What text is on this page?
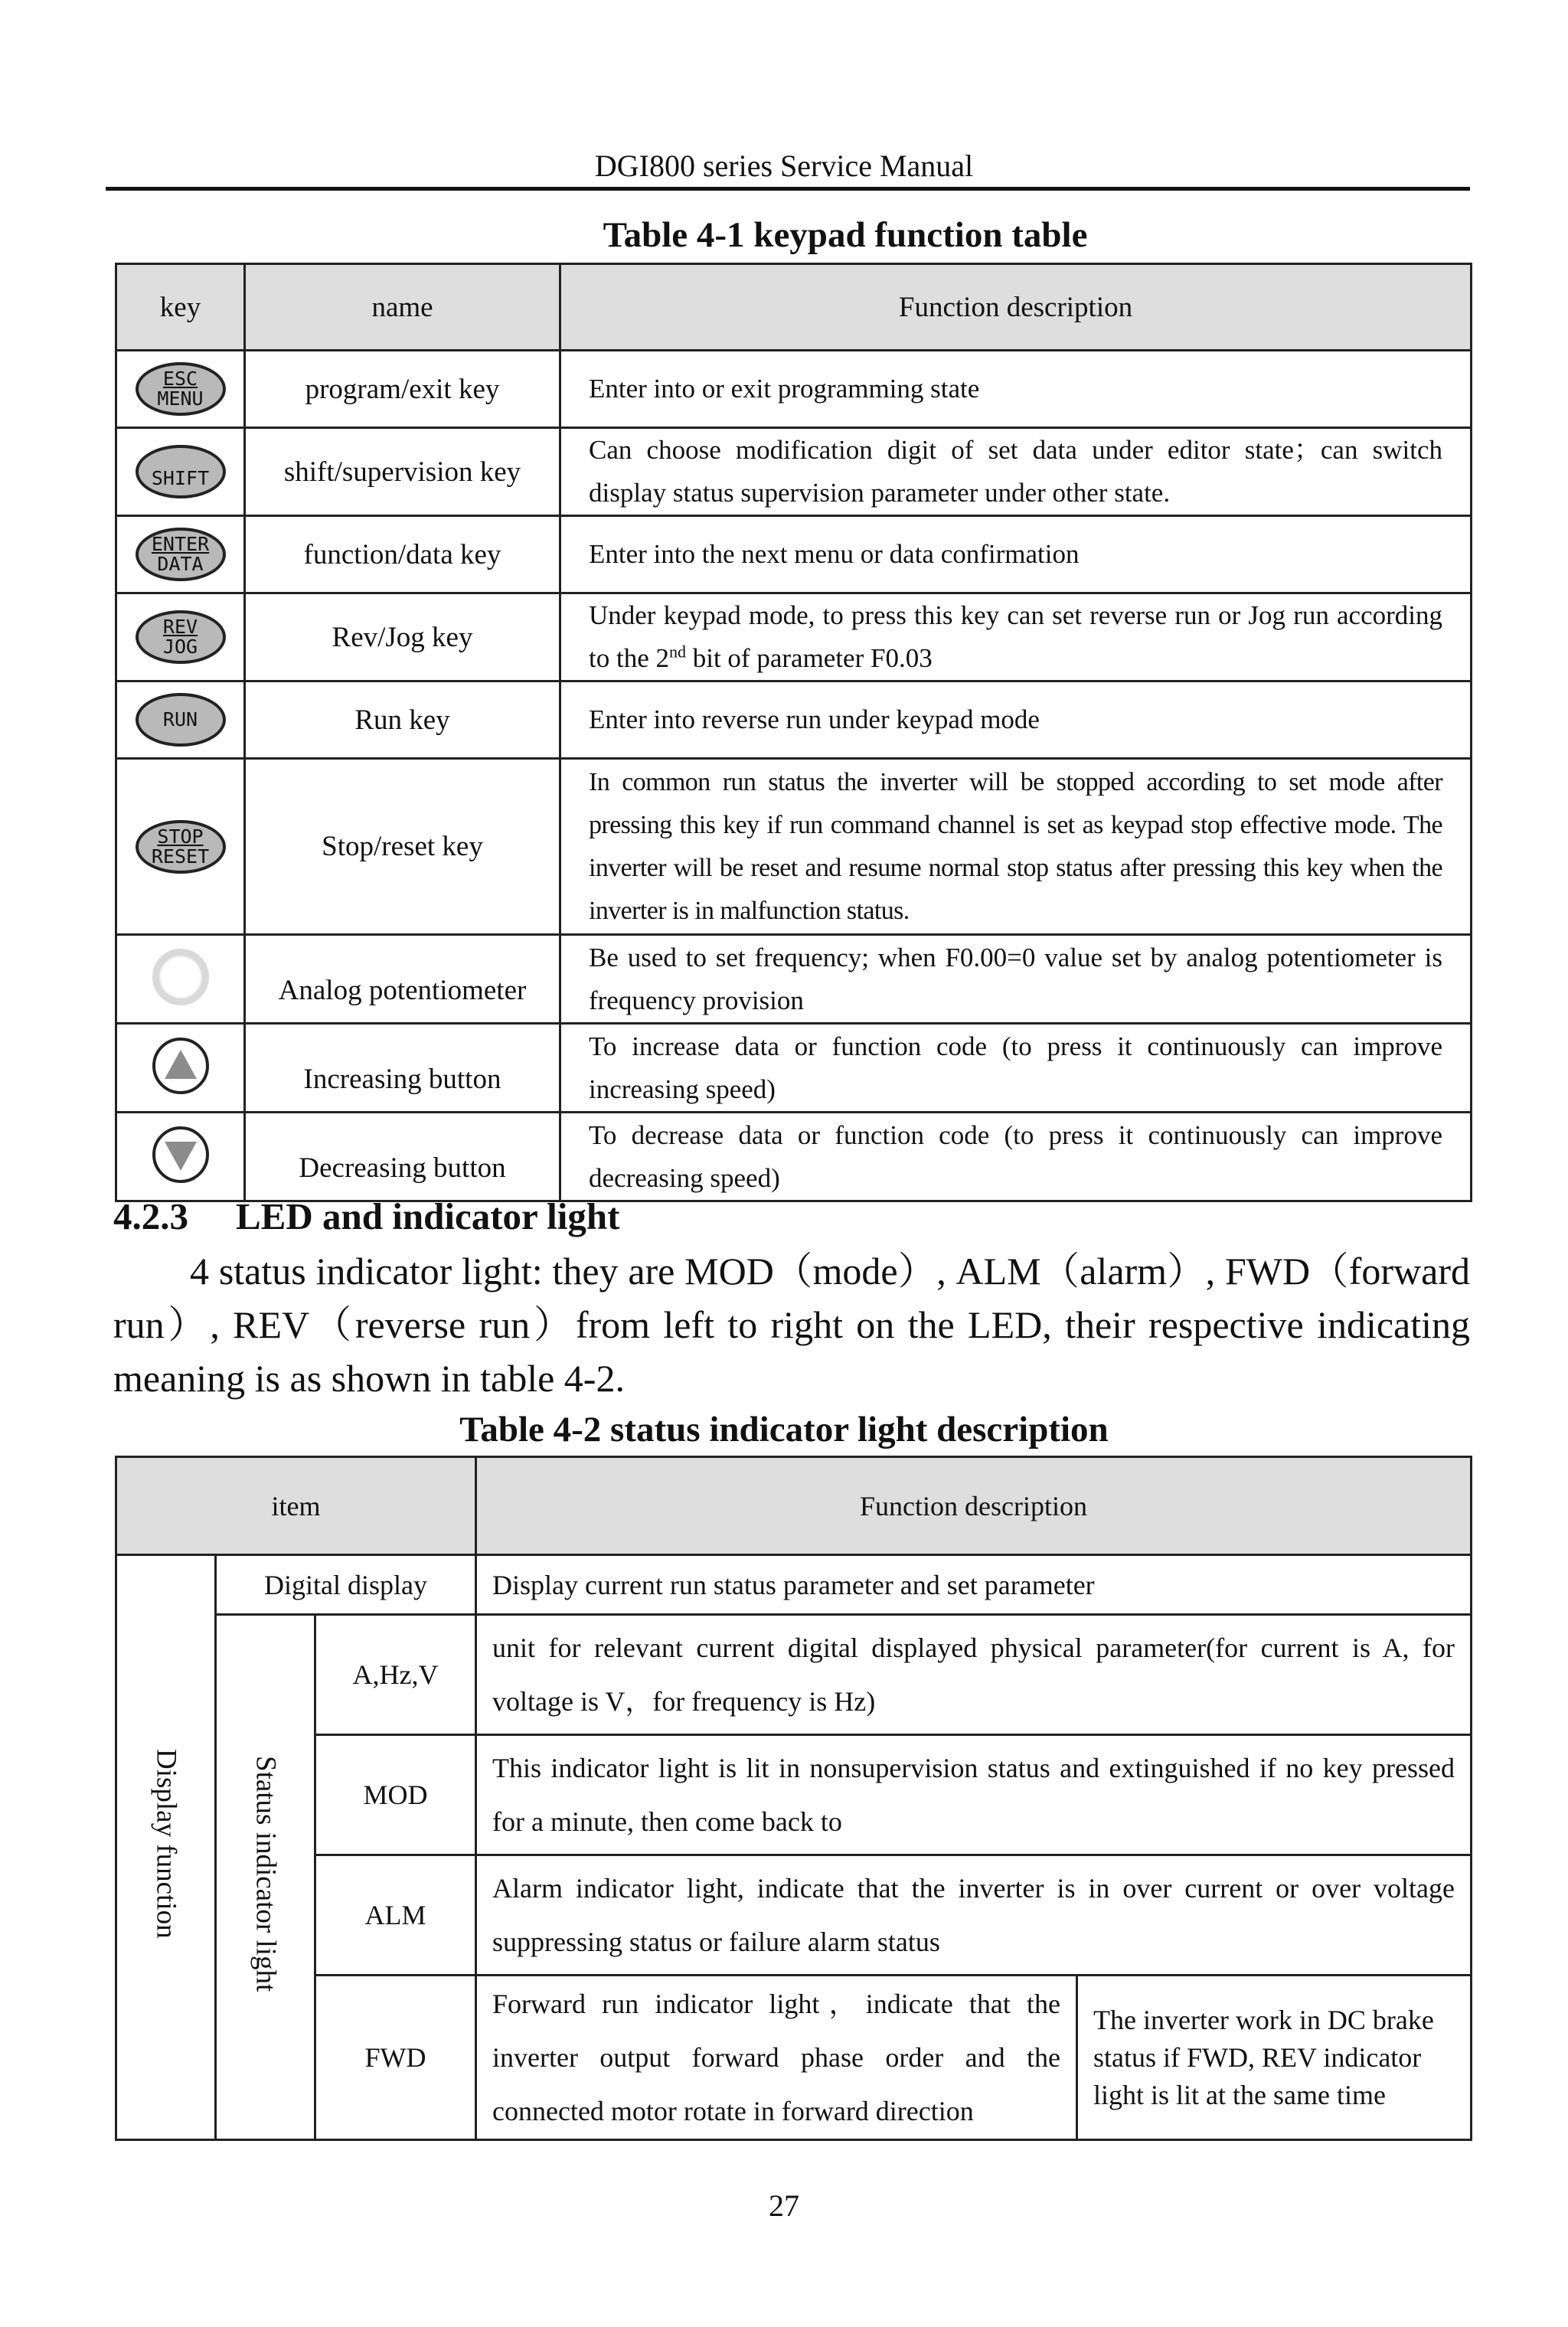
DGI800 series Service Manual
Table 4-1 keypad function table
key	name	Function description

ESC
MENU	program/exit key	Enter into or exit programming state

SHIFT	shift/supervision key	Can choose modification digit of set data under editor state；can switch display status supervision parameter under other state.

ENTER
DATA	function/data key	Enter into the next menu or data confirmation

REV
JOG	Rev/Jog key	Under keypad mode, to press this key can set reverse run or Jog run according to the 2nd bit of parameter F0.03

RUN	Run key	Enter into reverse run under keypad mode

STOP
RESET	Stop/reset key	In common run status the inverter will be stopped according to set mode after pressing this key if run command channel is set as keypad stop effective mode. The inverter will be reset and resume normal stop status after pressing this key when the inverter is in malfunction status.
	Analog potentiometer	Be used to set frequency; when F0.00=0 value set by analog potentiometer is frequency provision

	Increasing button	To increase data or function code (to press it continuously can improve increasing speed)

	Decreasing button	To decrease data or function code (to press it continuously can improve decreasing speed)
4.2.3 LED and indicator light
4 status indicator light: they are MOD（mode）, ALM（alarm）, FWD（forward run）, REV（reverse run）from left to right on the LED, their respective indicating meaning is as shown in table 4-2.
Table 4-2 status indicator light description
item			Function description	
Display function	Digital display		Display current run status parameter and set parameter	
	Status indicator light	A,Hz,V	unit for relevant current digital displayed physical parameter(for current is A, for voltage is V，for frequency is Hz)	
		MOD	This indicator light is lit in nonsupervision status and extinguished if no key pressed for a minute, then come back to	
		ALM	Alarm indicator light, indicate that the inverter is in over current or over voltage suppressing status or failure alarm status	
		FWD	Forward run indicator light，indicate that the inverter output forward phase order and the connected motor rotate in forward direction	The inverter work in DC brake status if FWD, REV indicator light is lit at the same time
27
